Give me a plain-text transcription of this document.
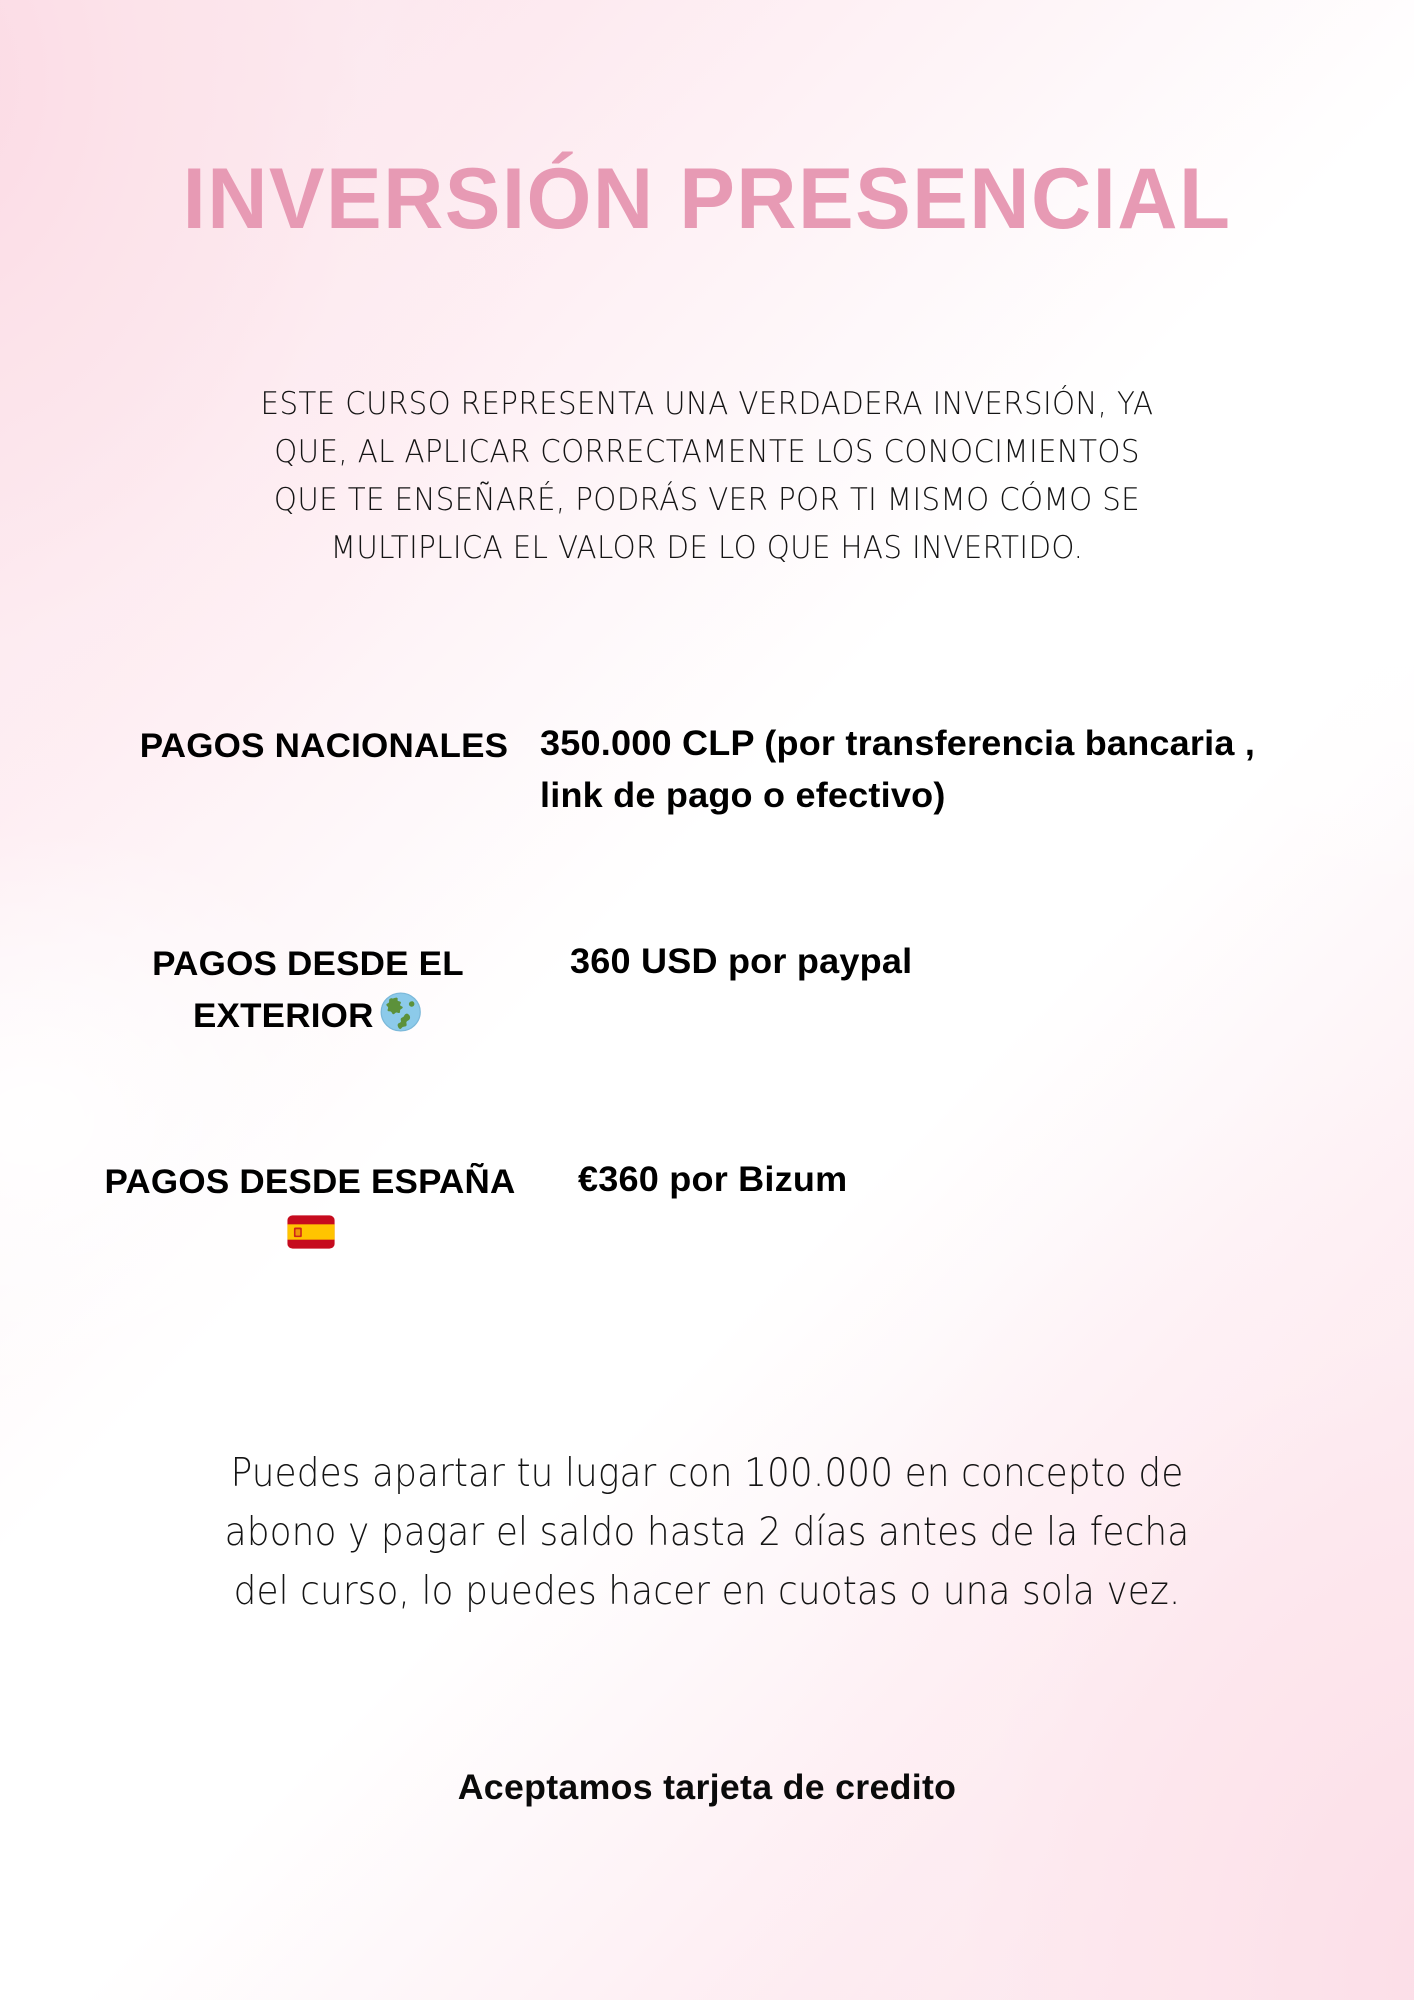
INVERSIÓN PRESENCIAL

ESTE CURSO REPRESENTA UNA VERDADERA INVERSIÓN, YA QUE, AL APLICAR CORRECTAMENTE LOS CONOCIMIENTOS QUE TE ENSEÑARÉ, PODRÁS VER POR TI MISMO CÓMO SE MULTIPLICA EL VALOR DE LO QUE HAS INVERTIDO.

PAGOS NACIONALES 350.000 CLP (por transferencia bancaria , link de pago o efectivo)
PAGOS DESDE EL EXTERIOR
360 USD por paypal
PAGOS DESDE ESPAÑA	€360 por Bizum

Puedes apartar tu lugar con 100.000 en concepto de abono y pagar el saldo hasta 2 días antes de la fecha del curso, lo puedes hacer en cuotas o una sola vez.

Aceptamos tarjeta de credito
